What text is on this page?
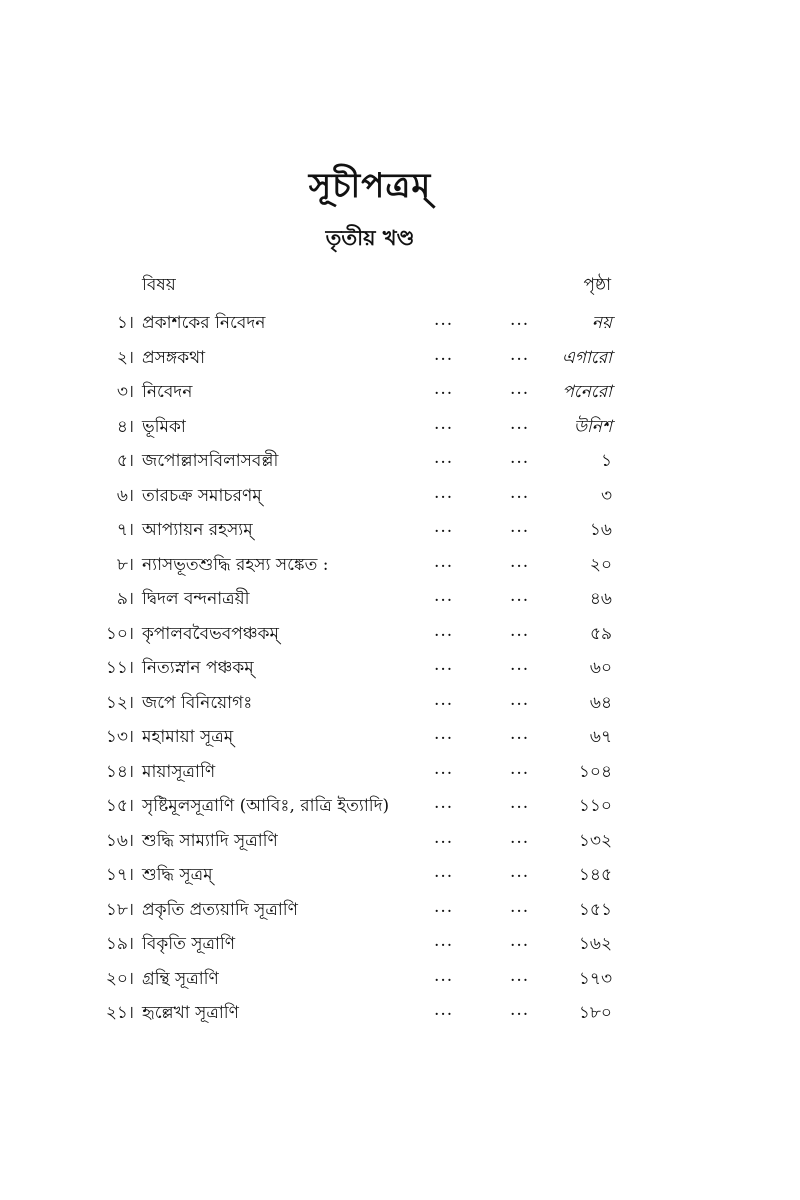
সূচীপত্রম্
তৃতীয় খণ্ড
বিষয়	পৃষ্ঠা
১। প্রকাশকের নিবেদন	...	...	নয়
২। প্রসঙ্গকথা	...	...	এগারো
৩। নিবেদন	...	...	পনেরো
৪। ভূমিকা	...	...	উনিশ
৫। জপোল্লাসবিলাসবল্লী	...	...	১
৬। তারচক্র সমাচরণম্	...	...	৩
৭। আপ্যায়ন রহস্যম্	...	...	১৬
৮। ন্যাসভূতশুদ্ধি রহস্য সঙ্কেত :	...	...	২০
৯। দ্বিদল বন্দনাত্রয়ী	...	...	৪৬
১০। কৃপালববৈভবপঞ্চকম্	...	...	৫৯
১১। নিত্যস্নান পঞ্চকম্	...	...	৬০
১২। জপে বিনিয়োগঃ	...	...	৬৪
১৩। মহামায়া সূত্রম্	...	...	৬৭
১৪। মায়াসূত্রাণি	...	...	১০৪
১৫। সৃষ্টিমূলসূত্রাণি (আবিঃ, রাত্রি ইত্যাদি)	...	...	১১০
১৬। শুদ্ধি সাম্যাদি সূত্রাণি	...	...	১৩২
১৭। শুদ্ধি সূত্রম্	...	...	১৪৫
১৮। প্রকৃতি প্রত্যয়াদি সূত্রাণি	...	...	১৫১
১৯। বিকৃতি সূত্রাণি	...	...	১৬২
২০। গ্রন্থি সূত্রাণি	...	...	১৭৩
২১। হৃল্লেখা সূত্রাণি	...	...	১৮০
